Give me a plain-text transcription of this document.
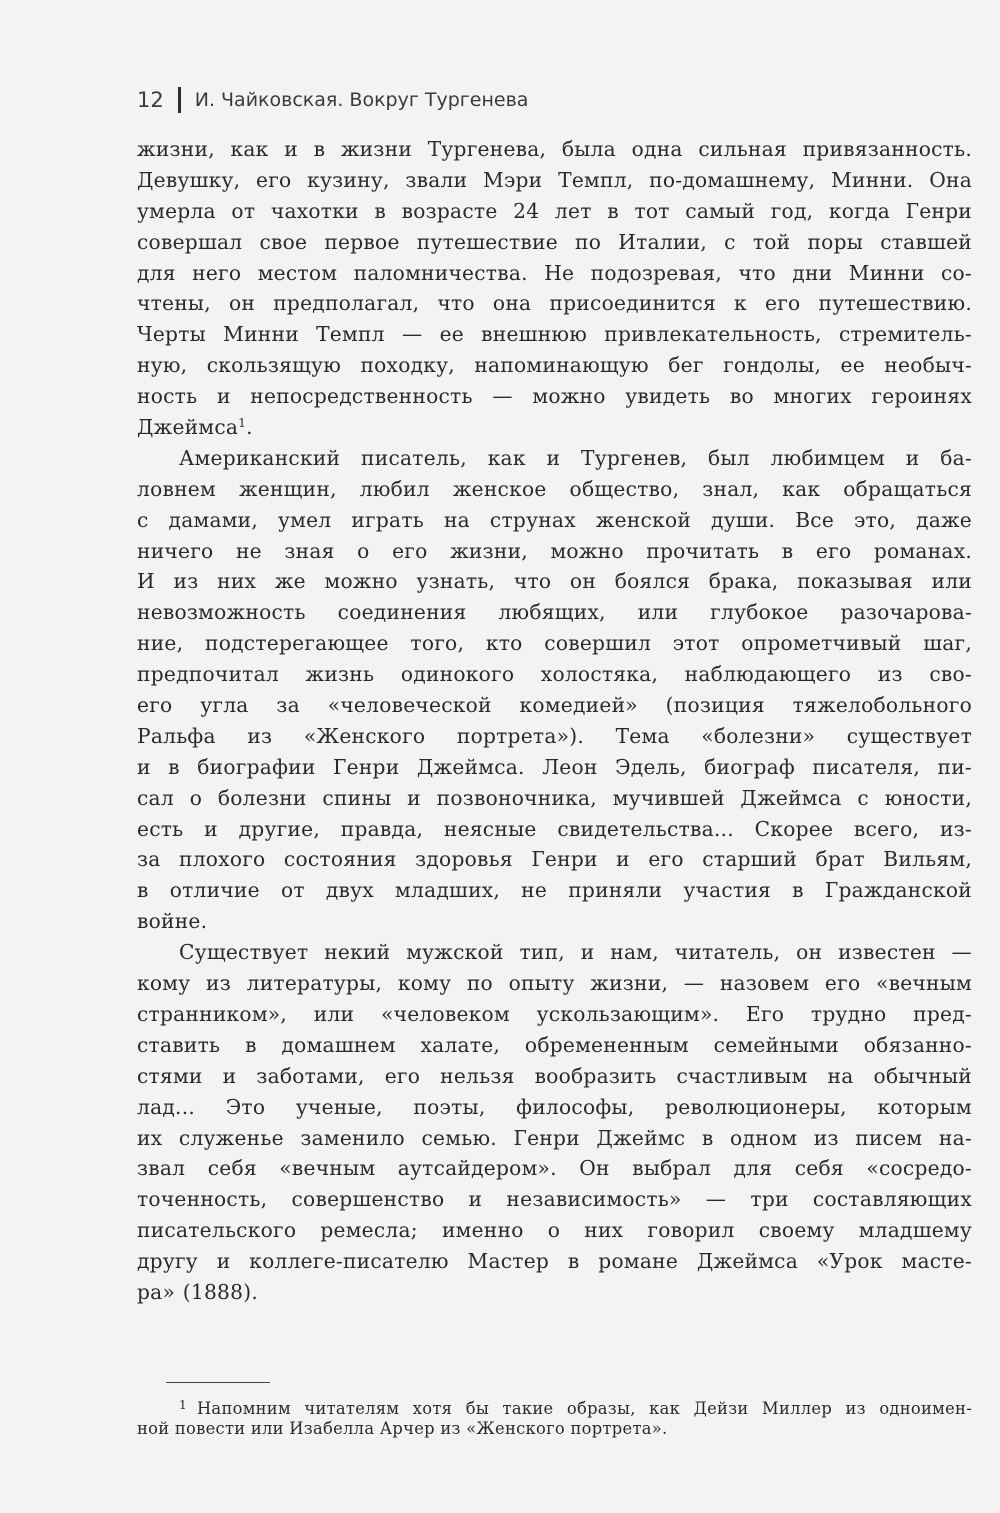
12 И. Чайковская. Вокруг Тургенева
жизни, как и в жизни Тургенева, была одна сильная привязанность.
Девушку, его кузину, звали Мэри Темпл, по-домашнему, Минни. Она
умерла от чахотки в возрасте 24 лет в тот самый год, когда Генри
совершал свое первое путешествие по Италии, с той поры ставшей
для него местом паломничества. Не подозревая, что дни Минни со-
чтены, он предполагал, что она присоединится к его путешествию.
Черты Минни Темпл — ее внешнюю привлекательность, стремитель-
ную, скользящую походку, напоминающую бег гондолы, ее необыч-
ность и непосредственность — можно увидеть во многих героинях
Джеймса$^1$.
Американский писатель, как и Тургенев, был любимцем и ба-
ловнем женщин, любил женское общество, знал, как обращаться
с дамами, умел играть на струнах женской души. Все это, даже
ничего не зная о его жизни, можно прочитать в его романах.
И из них же можно узнать, что он боялся брака, показывая или
невозможность соединения любящих, или глубокое разочарова-
ние, подстерегающее того, кто совершил этот опрометчивый шаг,
предпочитал жизнь одинокого холостяка, наблюдающего из сво-
его угла за «человеческой комедией» (позиция тяжелобольного
Ральфа из «Женского портрета»). Тема «болезни» существует
и в биографии Генри Джеймса. Леон Эдель, биограф писателя, пи-
сал о болезни спины и позвоночника, мучившей Джеймса с юности,
есть и другие, правда, неясные свидетельства... Скорее всего, из-
за плохого состояния здоровья Генри и его старший брат Вильям,
в отличие от двух младших, не приняли участия в Гражданской
войне.
Существует некий мужской тип, и нам, читатель, он известен —
кому из литературы, кому по опыту жизни, — назовем его «вечным
странником», или «человеком ускользающим». Его трудно пред-
ставить в домашнем халате, обремененным семейными обязанно-
стями и заботами, его нельзя вообразить счастливым на обычный
лад... Это ученые, поэты, философы, революционеры, которым
их служенье заменило семью. Генри Джеймс в одном из писем на-
звал себя «вечным аутсайдером». Он выбрал для себя «сосредо-
точенность, совершенство и независимость» — три составляющих
писательского ремесла; именно о них говорил своему младшему
другу и коллеге-писателю Мастер в романе Джеймса «Урок масте-
ра» (1888).
$^1$ Напомним читателям хотя бы такие образы, как Дейзи Миллер из одноимен-
ной повести или Изабелла Арчер из «Женского портрета».
